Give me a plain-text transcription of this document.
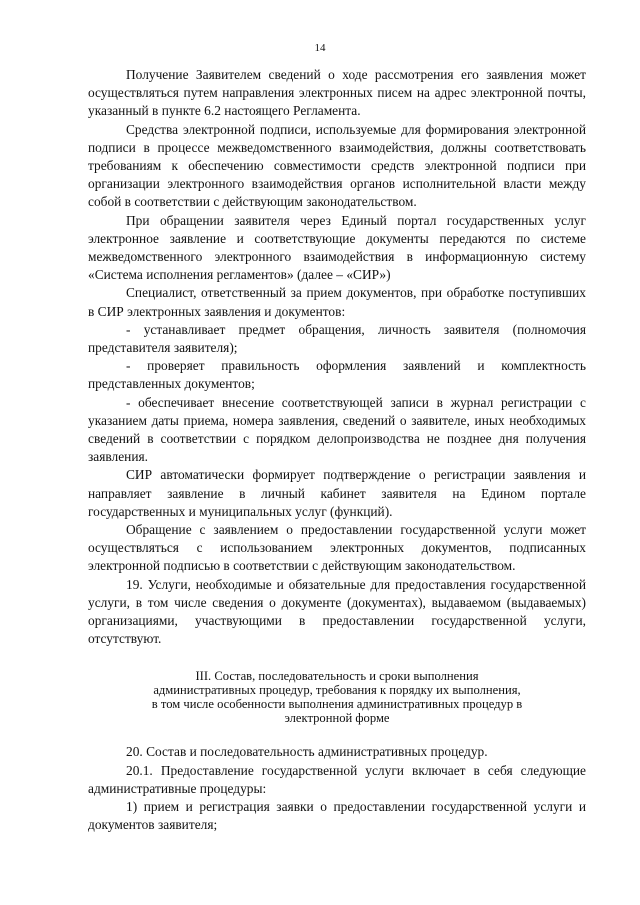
14

Получение Заявителем сведений о ходе рассмотрения его заявления может осуществляться путем направления электронных писем на адрес электронной почты, указанный в пункте 6.2 настоящего Регламента.

Средства электронной подписи, используемые для формирования электронной подписи в процессе межведомственного взаимодействия, должны соответствовать требованиям к обеспечению совместимости средств электронной подписи при организации электронного взаимодействия органов исполнительной власти между собой в соответствии с действующим законодательством.

При обращении заявителя через Единый портал государственных услуг электронное заявление и соответствующие документы передаются по системе межведомственного электронного взаимодействия в информационную систему «Система исполнения регламентов» (далее – «СИР»)

Специалист, ответственный за прием документов, при обработке поступивших в СИР электронных заявления и документов:

- устанавливает предмет обращения, личность заявителя (полномочия представителя заявителя);

- проверяет правильность оформления заявлений и комплектность представленных документов;

- обеспечивает внесение соответствующей записи в журнал регистрации с указанием даты приема, номера заявления, сведений о заявителе, иных необходимых сведений в соответствии с порядком делопроизводства не позднее дня получения заявления.

СИР автоматически формирует подтверждение о регистрации заявления и направляет заявление в личный кабинет заявителя на Едином портале государственных и муниципальных услуг (функций).

Обращение с заявлением о предоставлении государственной услуги может осуществляться с использованием электронных документов, подписанных электронной подписью в соответствии с действующим законодательством.

19. Услуги, необходимые и обязательные для предоставления государственной услуги, в том числе сведения о документе (документах), выдаваемом (выдаваемых) организациями, участвующими в предоставлении государственной услуги, отсутствуют.

III. Состав, последовательность и сроки выполнения административных процедур, требования к порядку их выполнения, в том числе особенности выполнения административных процедур в электронной форме

20. Состав и последовательность административных процедур.

20.1. Предоставление государственной услуги включает в себя следующие административные процедуры:

1) прием и регистрация заявки о предоставлении государственной услуги и документов заявителя;
